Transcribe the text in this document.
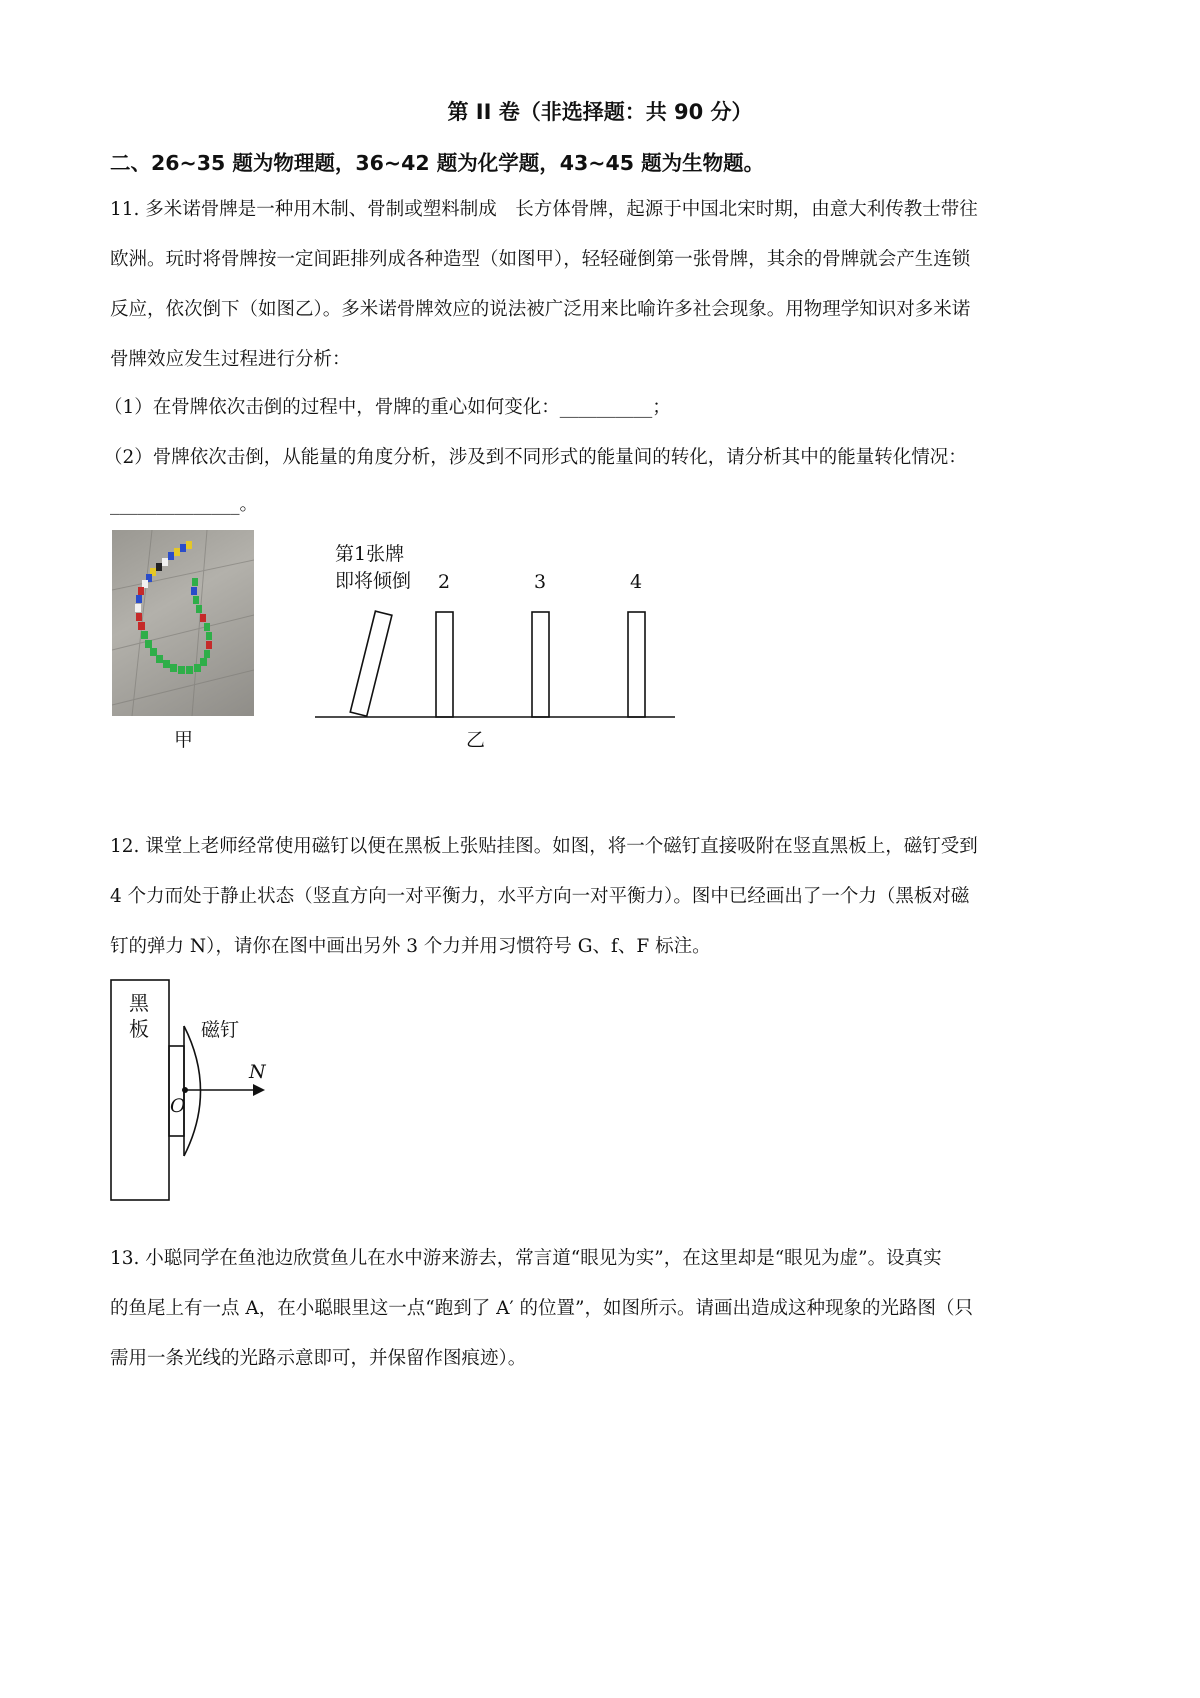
第 II 卷（非选择题：共 90 分）
二、26~35 题为物理题，36~42 题为化学题，43~45 题为生物题。
11. 多米诺骨牌是一种用木制、骨制或塑料制成　长方体骨牌，起源于中国北宋时期，由意大利传教士带往
欧洲。玩时将骨牌按一定间距排列成各种造型（如图甲），轻轻碰倒第一张骨牌，其余的骨牌就会产生连锁
反应，依次倒下（如图乙）。多米诺骨牌效应的说法被广泛用来比喻许多社会现象。用物理学知识对多米诺
骨牌效应发生过程进行分析：
（1）在骨牌依次击倒的过程中，骨牌的重心如何变化：__________；
（2）骨牌依次击倒，从能量的角度分析，涉及到不同形式的能量间的转化，请分析其中的能量转化情况：
______________。
甲
第1张牌
即将倾倒 2	3	4
乙
12. 课堂上老师经常使用磁钉以便在黑板上张贴挂图。如图，将一个磁钉直接吸附在竖直黑板上，磁钉受到
4 个力而处于静止状态（竖直方向一对平衡力，水平方向一对平衡力）。图中已经画出了一个力（黑板对磁
钉的弹力 N），请你在图中画出另外 3 个力并用习惯符号 G、f、F 标注。
黑
板	磁钉
N
O
13. 小聪同学在鱼池边欣赏鱼儿在水中游来游去，常言道“眼见为实”，在这里却是“眼见为虚”。设真实
的鱼尾上有一点 A，在小聪眼里这一点“跑到了 A′ 的位置”，如图所示。请画出造成这种现象的光路图（只
需用一条光线的光路示意即可，并保留作图痕迹）。
